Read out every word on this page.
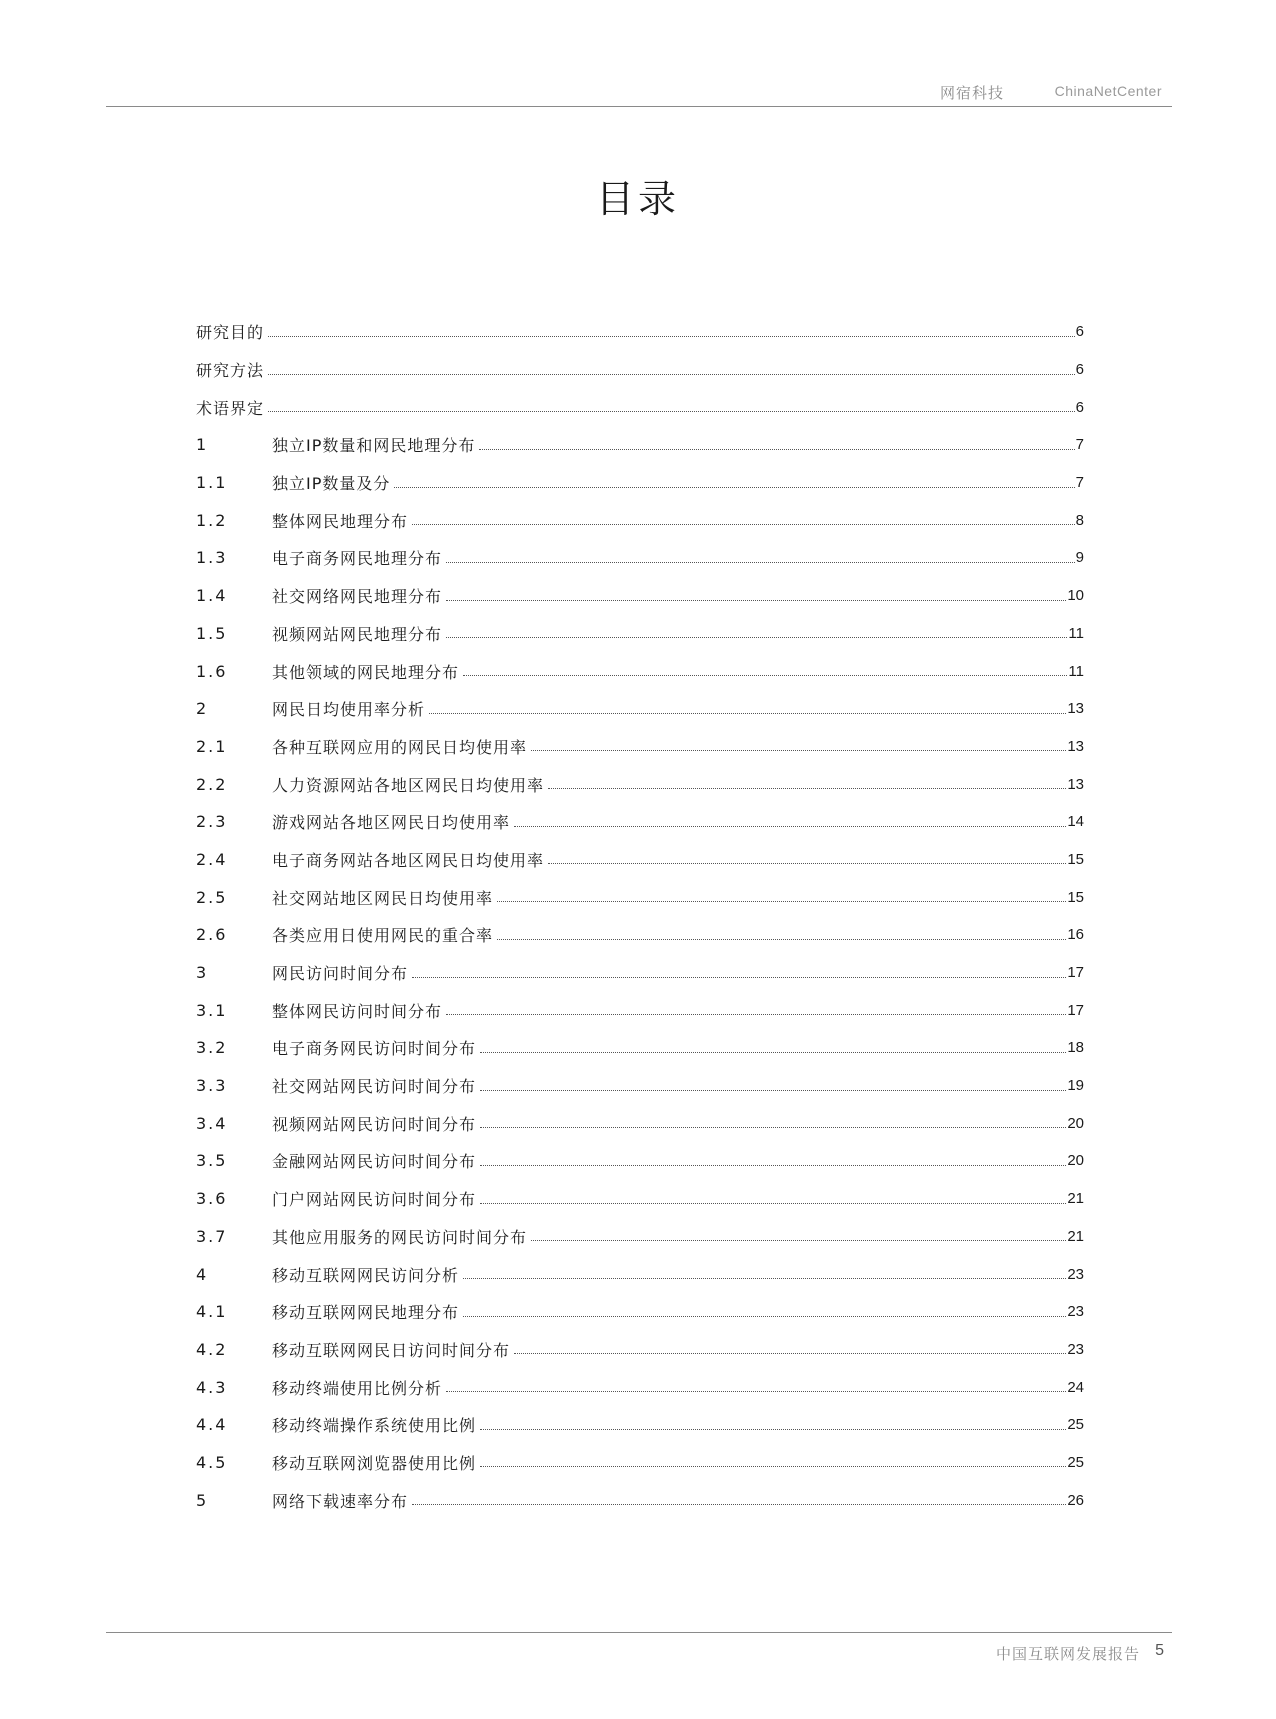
网宿科技	ChinaNetCenter
目录
研究目的	6
研究方法	6
术语界定	6
1	独立IP数量和网民地理分布	7
1.1	独立IP数量及分	7
1.2	整体网民地理分布	8
1.3	电子商务网民地理分布	9
1.4	社交网络网民地理分布	10
1.5	视频网站网民地理分布	11
1.6	其他领域的网民地理分布	11
2	网民日均使用率分析	13
2.1	各种互联网应用的网民日均使用率	13
2.2	人力资源网站各地区网民日均使用率	13
2.3	游戏网站各地区网民日均使用率	14
2.4	电子商务网站各地区网民日均使用率	15
2.5	社交网站地区网民日均使用率	15
2.6	各类应用日使用网民的重合率	16
3	网民访问时间分布	17
3.1	整体网民访问时间分布	17
3.2	电子商务网民访问时间分布	18
3.3	社交网站网民访问时间分布	19
3.4	视频网站网民访问时间分布	20
3.5	金融网站网民访问时间分布	20
3.6	门户网站网民访问时间分布	21
3.7	其他应用服务的网民访问时间分布	21
4	移动互联网网民访问分析	23
4.1	移动互联网网民地理分布	23
4.2	移动互联网网民日访问时间分布	23
4.3	移动终端使用比例分析	24
4.4	移动终端操作系统使用比例	25
4.5	移动互联网浏览器使用比例	25
5	网络下载速率分布	26
中国互联网发展报告 5
